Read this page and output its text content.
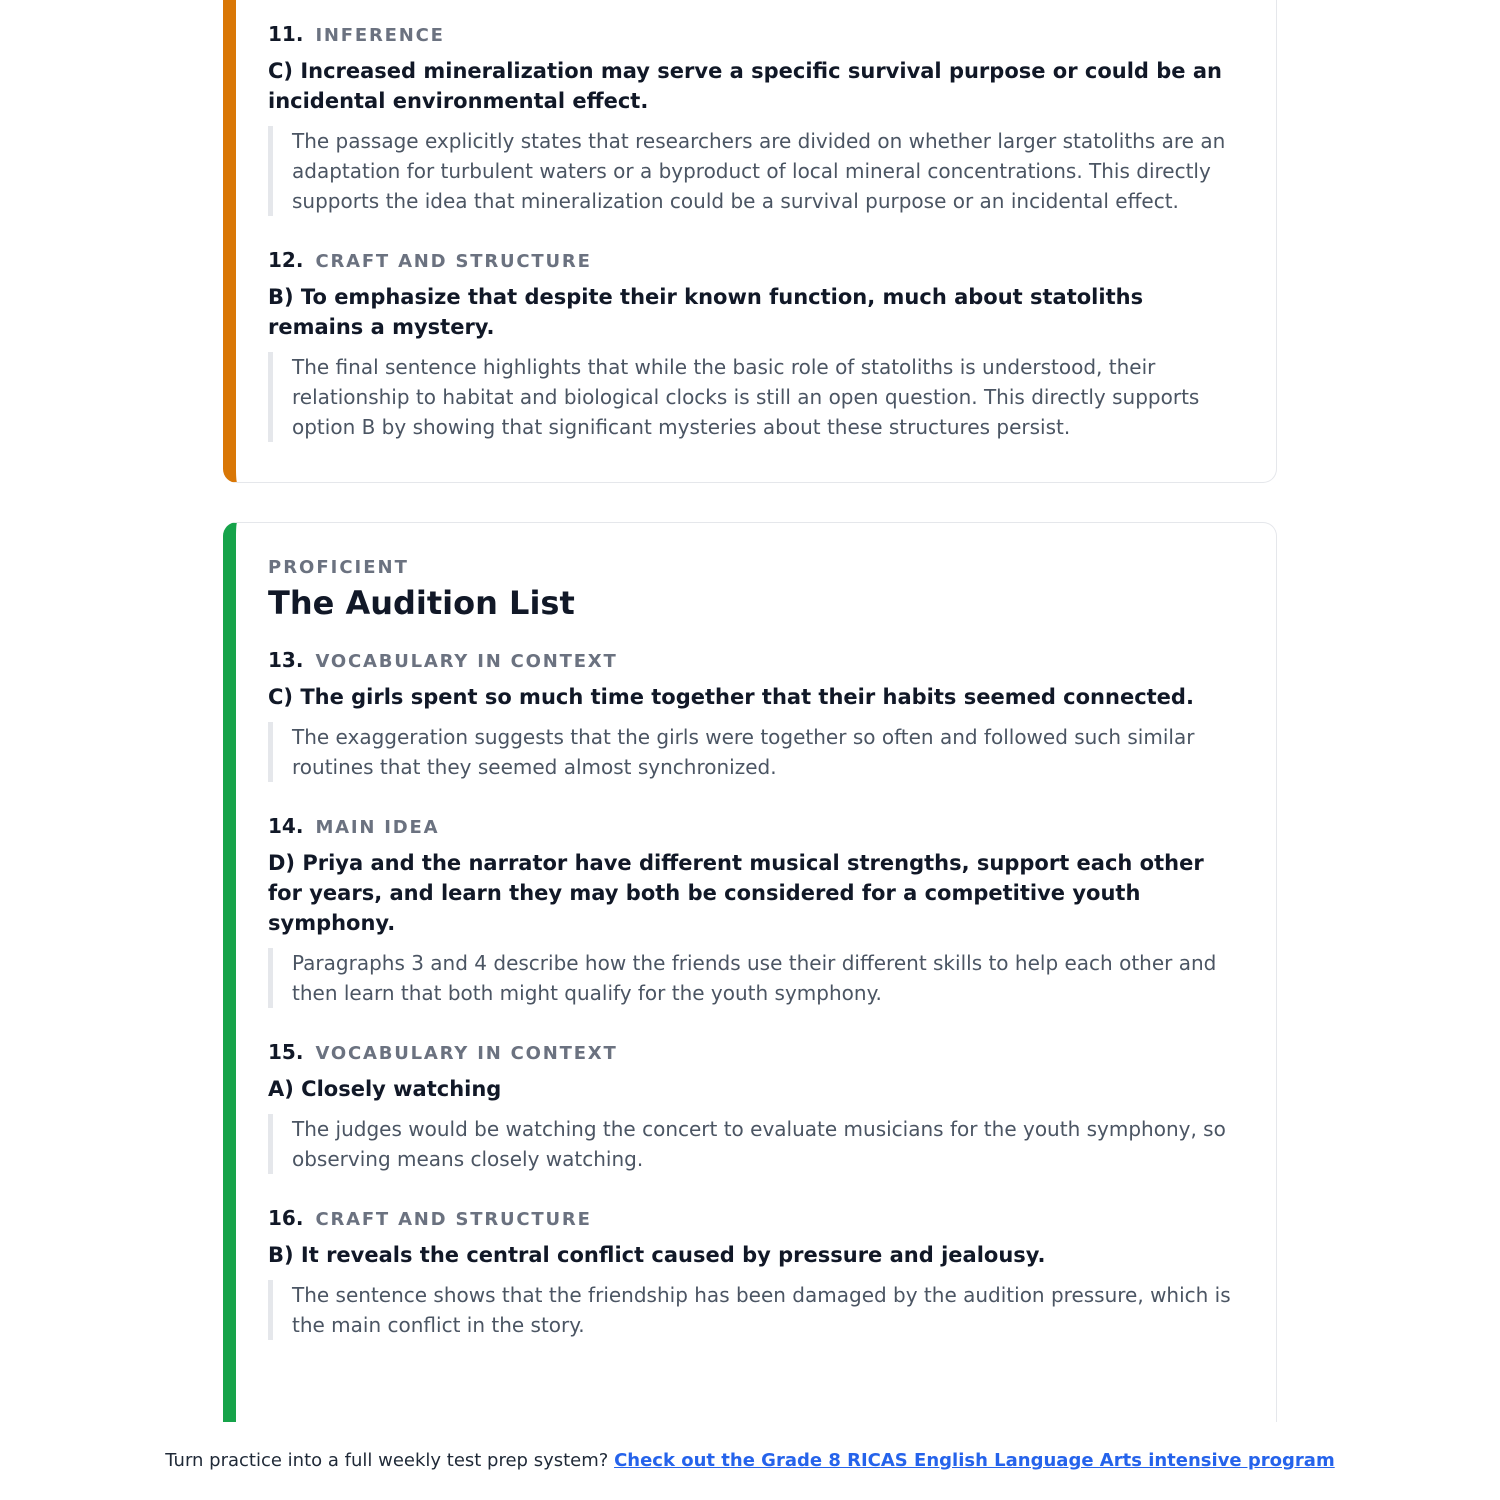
11. INFERENCE
C) Increased mineralization may serve a specific survival purpose or could be an incidental environmental effect.
The passage explicitly states that researchers are divided on whether larger statoliths are an adaptation for turbulent waters or a byproduct of local mineral concentrations. This directly supports the idea that mineralization could be a survival purpose or an incidental effect.
12. CRAFT AND STRUCTURE
B) To emphasize that despite their known function, much about statoliths remains a mystery.
The final sentence highlights that while the basic role of statoliths is understood, their relationship to habitat and biological clocks is still an open question. This directly supports option B by showing that significant mysteries about these structures persist.
PROFICIENT
The Audition List
13. VOCABULARY IN CONTEXT
C) The girls spent so much time together that their habits seemed connected.
The exaggeration suggests that the girls were together so often and followed such similar routines that they seemed almost synchronized.
14. MAIN IDEA
D) Priya and the narrator have different musical strengths, support each other for years, and learn they may both be considered for a competitive youth symphony.
Paragraphs 3 and 4 describe how the friends use their different skills to help each other and then learn that both might qualify for the youth symphony.
15. VOCABULARY IN CONTEXT
A) Closely watching
The judges would be watching the concert to evaluate musicians for the youth symphony, so observing means closely watching.
16. CRAFT AND STRUCTURE
B) It reveals the central conflict caused by pressure and jealousy.
The sentence shows that the friendship has been damaged by the audition pressure, which is the main conflict in the story.
Turn practice into a full weekly test prep system? Check out the Grade 8 RICAS English Language Arts intensive program
